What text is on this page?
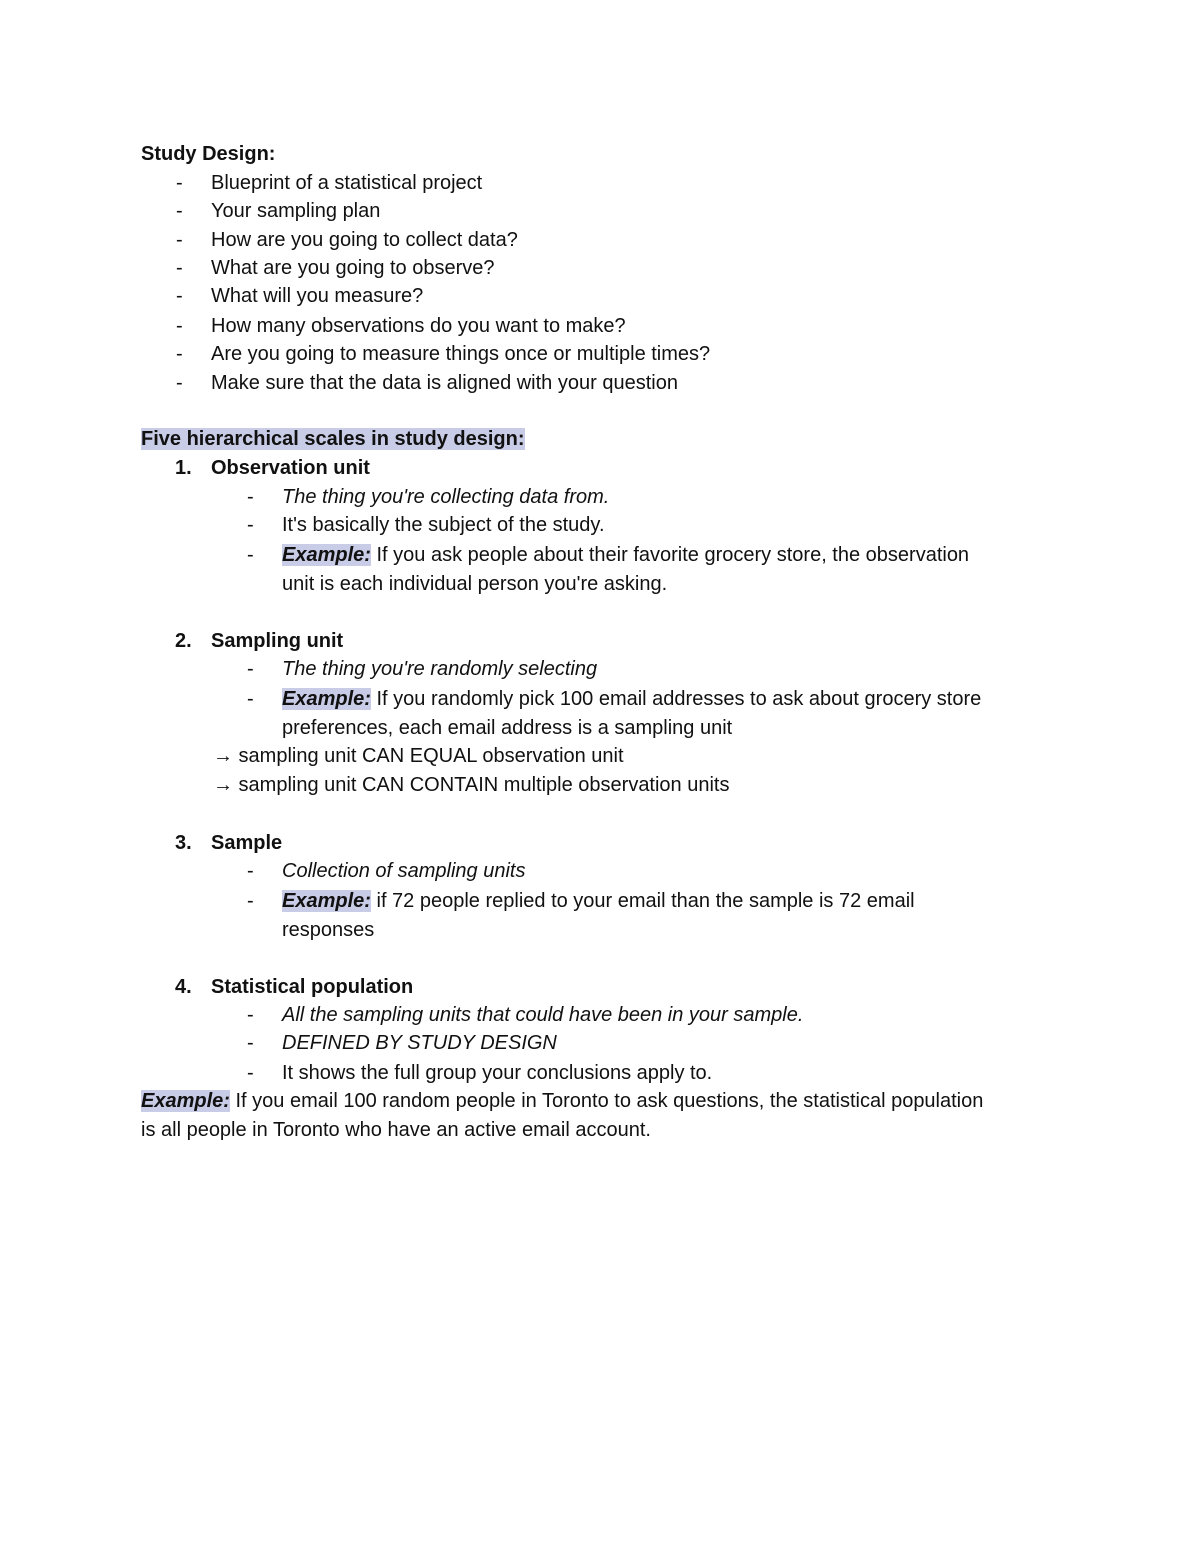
Study Design:
-	Blueprint of a statistical project
-	Your sampling plan
-	How are you going to collect data?
-	What are you going to observe?
-	What will you measure?
-	How many observations do you want to make?
-	Are you going to measure things once or multiple times?
-	Make sure that the data is aligned with your question
Five hierarchical scales in study design:
1. Observation unit
-	The thing you're collecting data from.
-	It's basically the subject of the study.
-	Example: If you ask people about their favorite grocery store, the observation
unit is each individual person you're asking.
2. Sampling unit
-	The thing you're randomly selecting
-	Example: If you randomly pick 100 email addresses to ask about grocery store
preferences, each email address is a sampling unit
→ sampling unit CAN EQUAL observation unit
→ sampling unit CAN CONTAIN multiple observation units
3. Sample
-	Collection of sampling units
-	Example: if 72 people replied to your email than the sample is 72 email
responses
4. Statistical population
-	All the sampling units that could have been in your sample.
-	DEFINED BY STUDY DESIGN
-	It shows the full group your conclusions apply to.
Example: If you email 100 random people in Toronto to ask questions, the statistical population
is all people in Toronto who have an active email account.
